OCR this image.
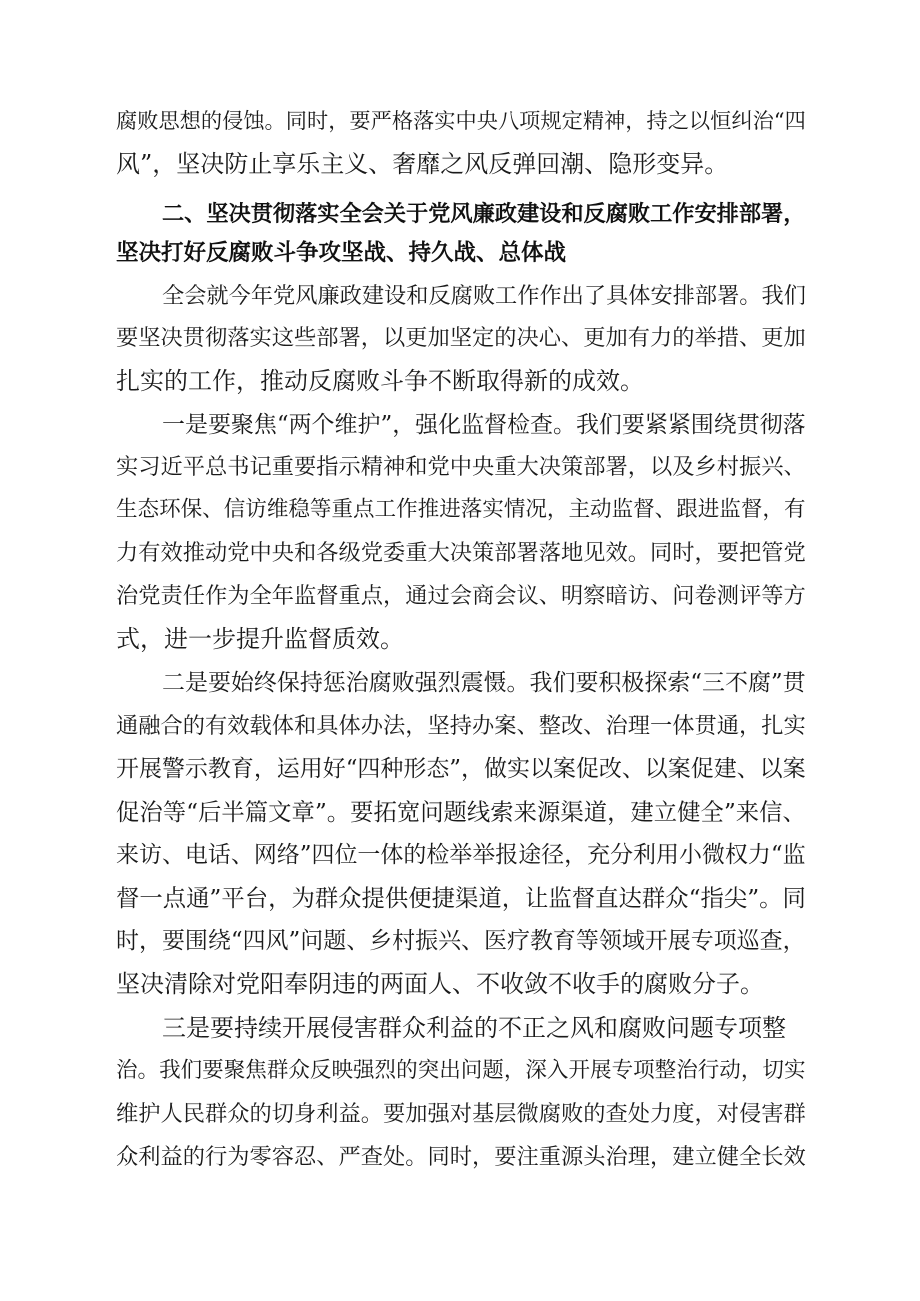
腐败思想的侵蚀。同时，要严格落实中央八项规定精神，持之以恒纠治“四
风”，坚决防止享乐主义、奢靡之风反弹回潮、隐形变异。
二、坚决贯彻落实全会关于党风廉政建设和反腐败工作安排部署，
坚决打好反腐败斗争攻坚战、持久战、总体战
全会就今年党风廉政建设和反腐败工作作出了具体安排部署。我们
要坚决贯彻落实这些部署，以更加坚定的决心、更加有力的举措、更加
扎实的工作，推动反腐败斗争不断取得新的成效。
一是要聚焦“两个维护”，强化监督检查。我们要紧紧围绕贯彻落
实习近平总书记重要指示精神和党中央重大决策部署，以及乡村振兴、
生态环保、信访维稳等重点工作推进落实情况，主动监督、跟进监督，有
力有效推动党中央和各级党委重大决策部署落地见效。同时，要把管党
治党责任作为全年监督重点，通过会商会议、明察暗访、问卷测评等方
式，进一步提升监督质效。
二是要始终保持惩治腐败强烈震慑。我们要积极探索“三不腐”贯
通融合的有效载体和具体办法，坚持办案、整改、治理一体贯通，扎实
开展警示教育，运用好“四种形态”，做实以案促改、以案促建、以案
促治等“后半篇文章”。要拓宽问题线索来源渠道，建立健全”来信、
来访、电话、网络”四位一体的检举举报途径，充分利用小微权力“监
督一点通”平台，为群众提供便捷渠道，让监督直达群众“指尖”。同
时，要围绕“四风”问题、乡村振兴、医疗教育等领域开展专项巡查，
坚决清除对党阳奉阴违的两面人、不收敛不收手的腐败分子。
三是要持续开展侵害群众利益的不正之风和腐败问题专项整
治。我们要聚焦群众反映强烈的突出问题，深入开展专项整治行动，切实
维护人民群众的切身利益。要加强对基层微腐败的查处力度，对侵害群
众利益的行为零容忍、严查处。同时，要注重源头治理，建立健全长效
